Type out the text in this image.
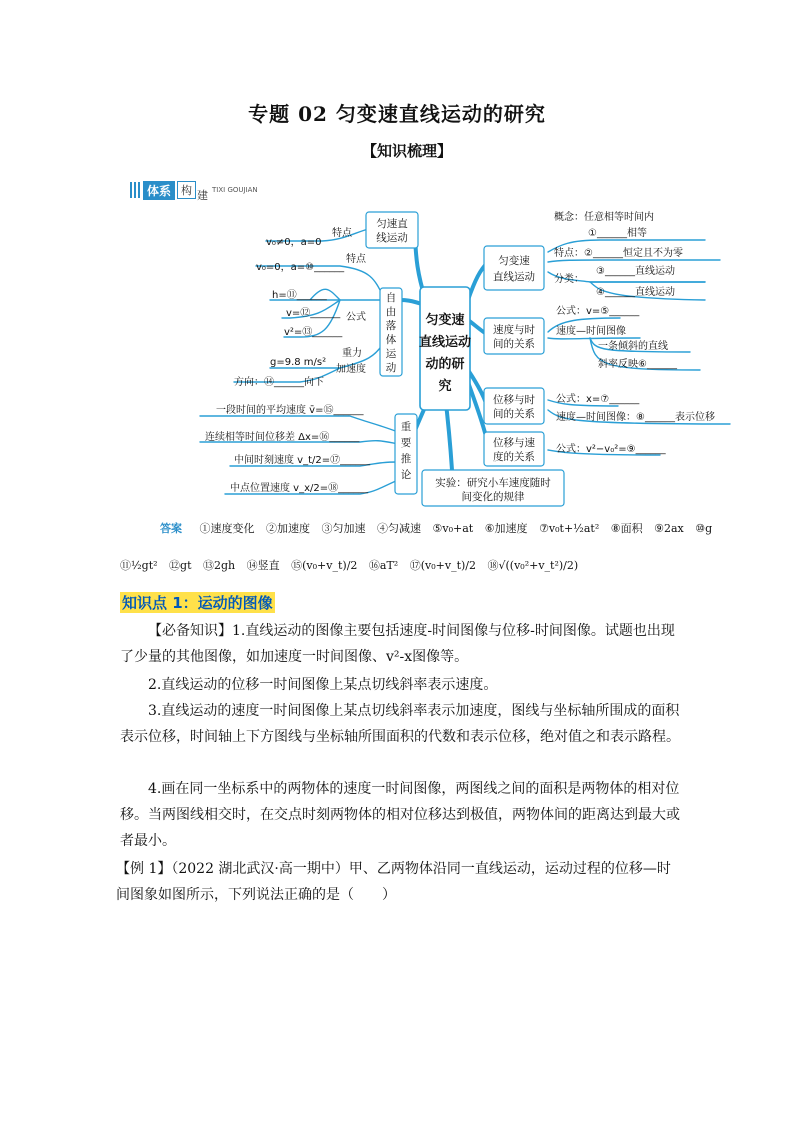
专题 02 匀变速直线运动的研究
【知识梳理】
体系 构 建 TIXI GOUJIAN
匀速直
线运动
自
由
落
体
运
动
匀变速
直线运动
动的研
究
重
要
推
论
实验：研究小车速度随时
间变化的规律
匀变速
直线运动
速度与时
间的关系
位移与时
间的关系
位移与速
度的关系
特点
v₀≠0，a=0
特点
v₀=0，a=⑩______
公式
h=⑪______
v=⑫______
v²=⑬______
重力
加速度
g=9.8 m/s²
方向：⑭______向下
一段时间的平均速度 v̄=⑮______
连续相等时间位移差 Δx=⑯______
中间时刻速度 v_t/2=⑰______
中点位置速度 v_x/2=⑱______
概念：任意相等时间内
①______相等
特点：②______恒定且不为零
分类：
③______直线运动
④______直线运动
公式：v=⑤______
速度—时间图像
一条倾斜的直线
斜率反映⑥______
公式：x=⑦______
速度—时间图像：⑧______表示位移
公式：v²−v₀²=⑨______
答案 ①速度变化 ②加速度 ③匀加速 ④匀减速 ⑤v₀+at ⑥加速度 ⑦v₀t+½at² ⑧面积 ⑨2ax ⑩g
⑪½gt² ⑫gt ⑬2gh ⑭竖直 ⑮(v₀+v_t)/2 ⑯aT² ⑰(v₀+v_t)/2 ⑱√((v₀²+v_t²)/2)
知识点 1：运动的图像
【必备知识】1.直线运动的图像主要包括速度-时间图像与位移-时间图像。试题也出现了少量的其他图像，如加速度一时间图像、v²-x图像等。
2.直线运动的位移一时间图像上某点切线斜率表示速度。
3.直线运动的速度一时间图像上某点切线斜率表示加速度，图线与坐标轴所围成的面积表示位移，时间轴上下方图线与坐标轴所围面积的代数和表示位移，绝对值之和表示路程。
4.画在同一坐标系中的两物体的速度一时间图像，两图线之间的面积是两物体的相对位移。当两图线相交时，在交点时刻两物体的相对位移达到极值，两物体间的距离达到最大或者最小。
【例 1】（2022 湖北武汉·高一期中）甲、乙两物体沿同一直线运动，运动过程的位移—时间图象如图所示，下列说法正确的是（　　）
